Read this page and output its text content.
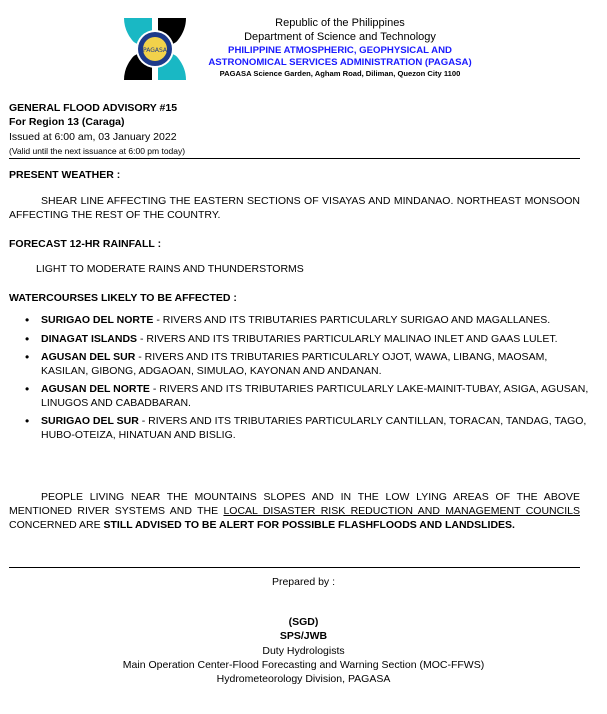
PAGASA
Republic of the Philippines
Department of Science and Technology
PHILIPPINE ATMOSPHERIC, GEOPHYSICAL AND
ASTRONOMICAL SERVICES ADMINISTRATION (PAGASA)
PAGASA Science Garden, Agham Road, Diliman, Quezon City 1100
GENERAL FLOOD ADVISORY #15
For Region 13 (Caraga)
Issued at 6:00 am, 03 January 2022
(Valid until the next issuance at 6:00 pm today)
PRESENT WEATHER :
SHEAR LINE AFFECTING THE EASTERN SECTIONS OF VISAYAS AND MINDANAO. NORTHEAST MONSOON AFFECTING THE REST OF THE COUNTRY.
FORECAST 12-HR RAINFALL :
LIGHT TO MODERATE RAINS AND THUNDERSTORMS
WATERCOURSES LIKELY TO BE AFFECTED :
• SURIGAO DEL NORTE - RIVERS AND ITS TRIBUTARIES PARTICULARLY SURIGAO AND MAGALLANES.
• DINAGAT ISLANDS - RIVERS AND ITS TRIBUTARIES PARTICULARLY MALINAO INLET AND GAAS LULET.
• AGUSAN DEL SUR - RIVERS AND ITS TRIBUTARIES PARTICULARLY OJOT, WAWA, LIBANG, MAOSAM, KASILAN, GIBONG, ADGAOAN, SIMULAO, KAYONAN AND ANDANAN.
• AGUSAN DEL NORTE - RIVERS AND ITS TRIBUTARIES PARTICULARLY LAKE-MAINIT-TUBAY, ASIGA, AGUSAN, LINUGOS AND CABADBARAN.
• SURIGAO DEL SUR - RIVERS AND ITS TRIBUTARIES PARTICULARLY CANTILLAN, TORACAN, TANDAG, TAGO, HUBO-OTEIZA, HINATUAN AND BISLIG.
PEOPLE LIVING NEAR THE MOUNTAINS SLOPES AND IN THE LOW LYING AREAS OF THE ABOVE MENTIONED RIVER SYSTEMS AND THE LOCAL DISASTER RISK REDUCTION AND MANAGEMENT COUNCILS CONCERNED ARE STILL ADVISED TO BE ALERT FOR POSSIBLE FLASHFLOODS AND LANDSLIDES.
Prepared by :
(SGD)
SPS/JWB
Duty Hydrologists
Main Operation Center-Flood Forecasting and Warning Section (MOC-FFWS)
Hydrometeorology Division, PAGASA
